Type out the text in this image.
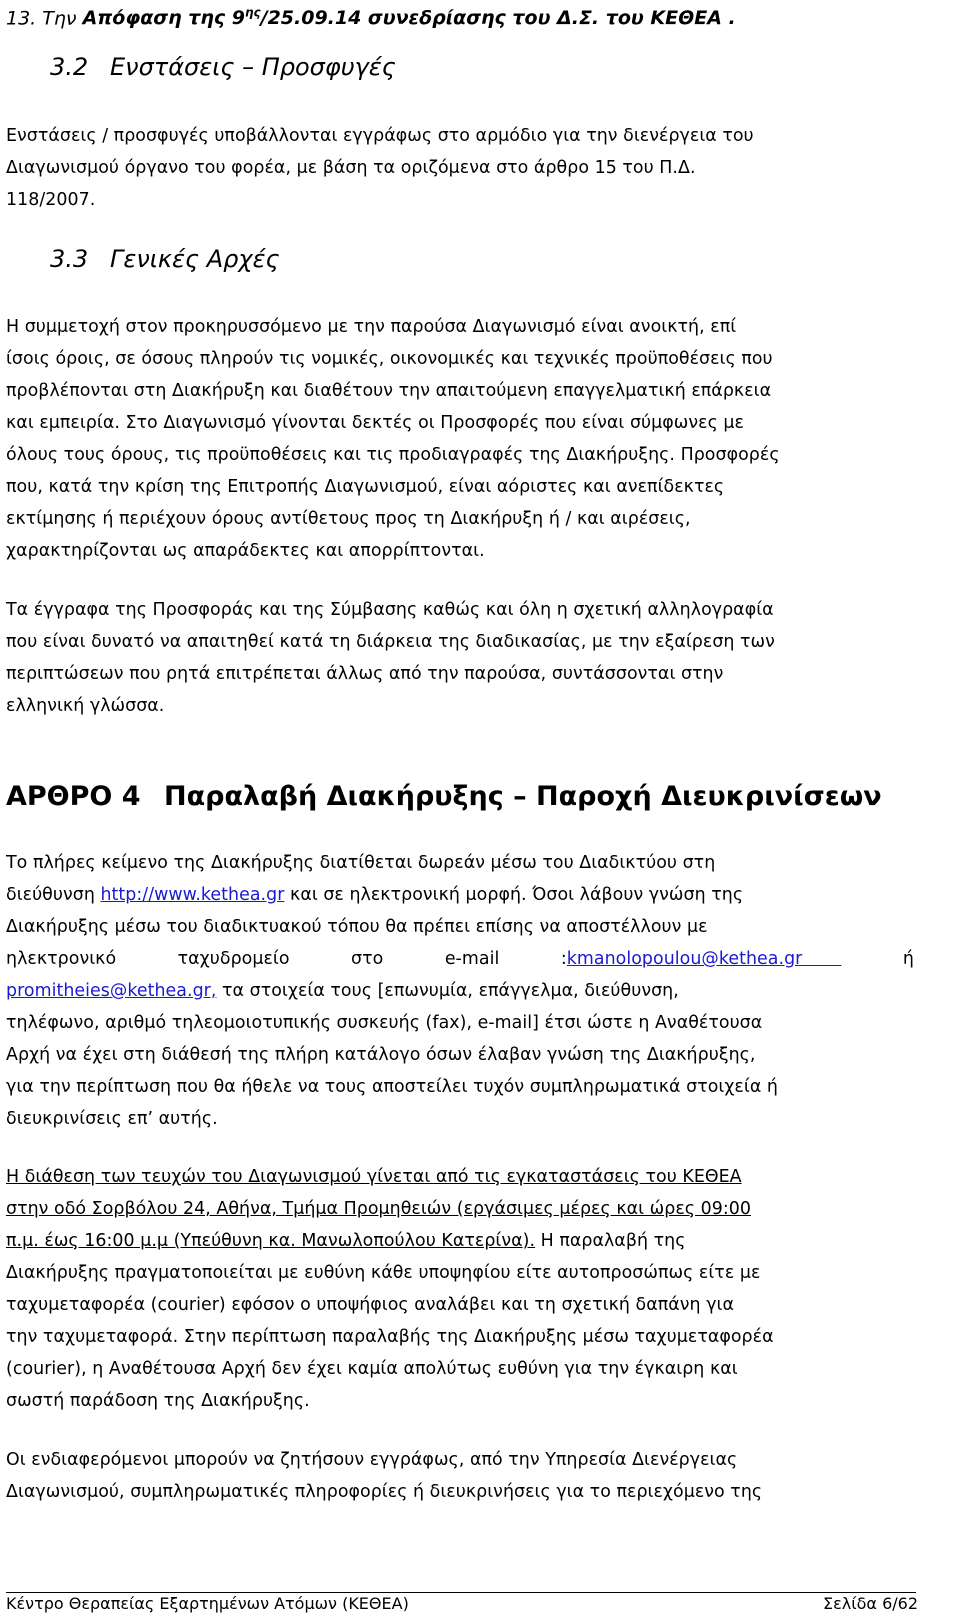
13. Την Απόφαση της $9^{\eta\varsigma}/25.09.14$ συνεδρίασης του Δ.Σ. του ΚΕΘΕΑ .
3.2 Ενστάσεις – Προσφυγές
Ενστάσεις / προσφυγές υποβάλλονται εγγράφως στο αρμόδιο για την διενέργεια του
Διαγωνισμού όργανο του φορέα, με βάση τα οριζόμενα στο άρθρο 15 του Π.Δ.
118/2007.
3.3 Γενικές Αρχές
Η συμμετοχή στον προκηρυσσόμενο με την παρούσα Διαγωνισμό είναι ανοικτή, επί
ίσοις όροις, σε όσους πληρούν τις νομικές, οικονομικές και τεχνικές προϋποθέσεις που
προβλέπονται στη Διακήρυξη και διαθέτουν την απαιτούμενη επαγγελματική επάρκεια
και εμπειρία. Στο Διαγωνισμό γίνονται δεκτές οι Προσφορές που είναι σύμφωνες με
όλους τους όρους, τις προϋποθέσεις και τις προδιαγραφές της Διακήρυξης. Προσφορές
που, κατά την κρίση της Επιτροπής Διαγωνισμού, είναι αόριστες και ανεπίδεκτες
εκτίμησης ή περιέχουν όρους αντίθετους προς τη Διακήρυξη ή / και αιρέσεις,
χαρακτηρίζονται ως απαράδεκτες και απορρίπτονται.
Τα έγγραφα της Προσφοράς και της Σύμβασης καθώς και όλη η σχετική αλληλογραφία
που είναι δυνατό να απαιτηθεί κατά τη διάρκεια της διαδικασίας, με την εξαίρεση των
περιπτώσεων που ρητά επιτρέπεται άλλως από την παρούσα, συντάσσονται στην
ελληνική γλώσσα.
ΑΡΘΡΟ 4 Παραλαβή Διακήρυξης – Παροχή Διευκρινίσεων
Το πλήρες κείμενο της Διακήρυξης διατίθεται δωρεάν μέσω του Διαδικτύου στη
διεύθυνση http://www.kethea.gr και σε ηλεκτρονική μορφή. Όσοι λάβουν γνώση της
Διακήρυξης μέσω του διαδικτυακού τόπου θα πρέπει επίσης να αποστέλλουν με
ηλεκτρονικό	ταχυδρομείο	στο	e-mail	:kmanolopoulou@kethea.gr	ή
promitheies@kethea.gr, τα στοιχεία τους [επωνυμία, επάγγελμα, διεύθυνση,
τηλέφωνο, αριθμό τηλεομοιοτυπικής συσκευής (fax), e-mail] έτσι ώστε η Αναθέτουσα
Αρχή να έχει στη διάθεσή της πλήρη κατάλογο όσων έλαβαν γνώση της Διακήρυξης,
για την περίπτωση που θα ήθελε να τους αποστείλει τυχόν συμπληρωματικά στοιχεία ή
διευκρινίσεις επ’ αυτής.
Η διάθεση των τευχών του Διαγωνισμού γίνεται από τις εγκαταστάσεις του ΚΕΘΕΑ
στην οδό Σορβόλου 24, Αθήνα, Τμήμα Προμηθειών (εργάσιμες μέρες και ώρες 09:00
π.μ. έως 16:00 μ.μ (Υπεύθυνη κα. Μανωλοπούλου Κατερίνα). Η παραλαβή της
Διακήρυξης πραγματοποιείται με ευθύνη κάθε υποψηφίου είτε αυτοπροσώπως είτε με
ταχυμεταφορέα (courier) εφόσον ο υποψήφιος αναλάβει και τη σχετική δαπάνη για
την ταχυμεταφορά. Στην περίπτωση παραλαβής της Διακήρυξης μέσω ταχυμεταφορέα
(courier), η Αναθέτουσα Αρχή δεν έχει καμία απολύτως ευθύνη για την έγκαιρη και
σωστή παράδοση της Διακήρυξης.
Οι ενδιαφερόμενοι μπορούν να ζητήσουν εγγράφως, από την Υπηρεσία Διενέργειας
Διαγωνισμού, συμπληρωματικές πληροφορίες ή διευκρινήσεις για το περιεχόμενο της
Κέντρο Θεραπείας Εξαρτημένων Ατόμων (ΚΕΘΕΑ)	Σελίδα 6/62
